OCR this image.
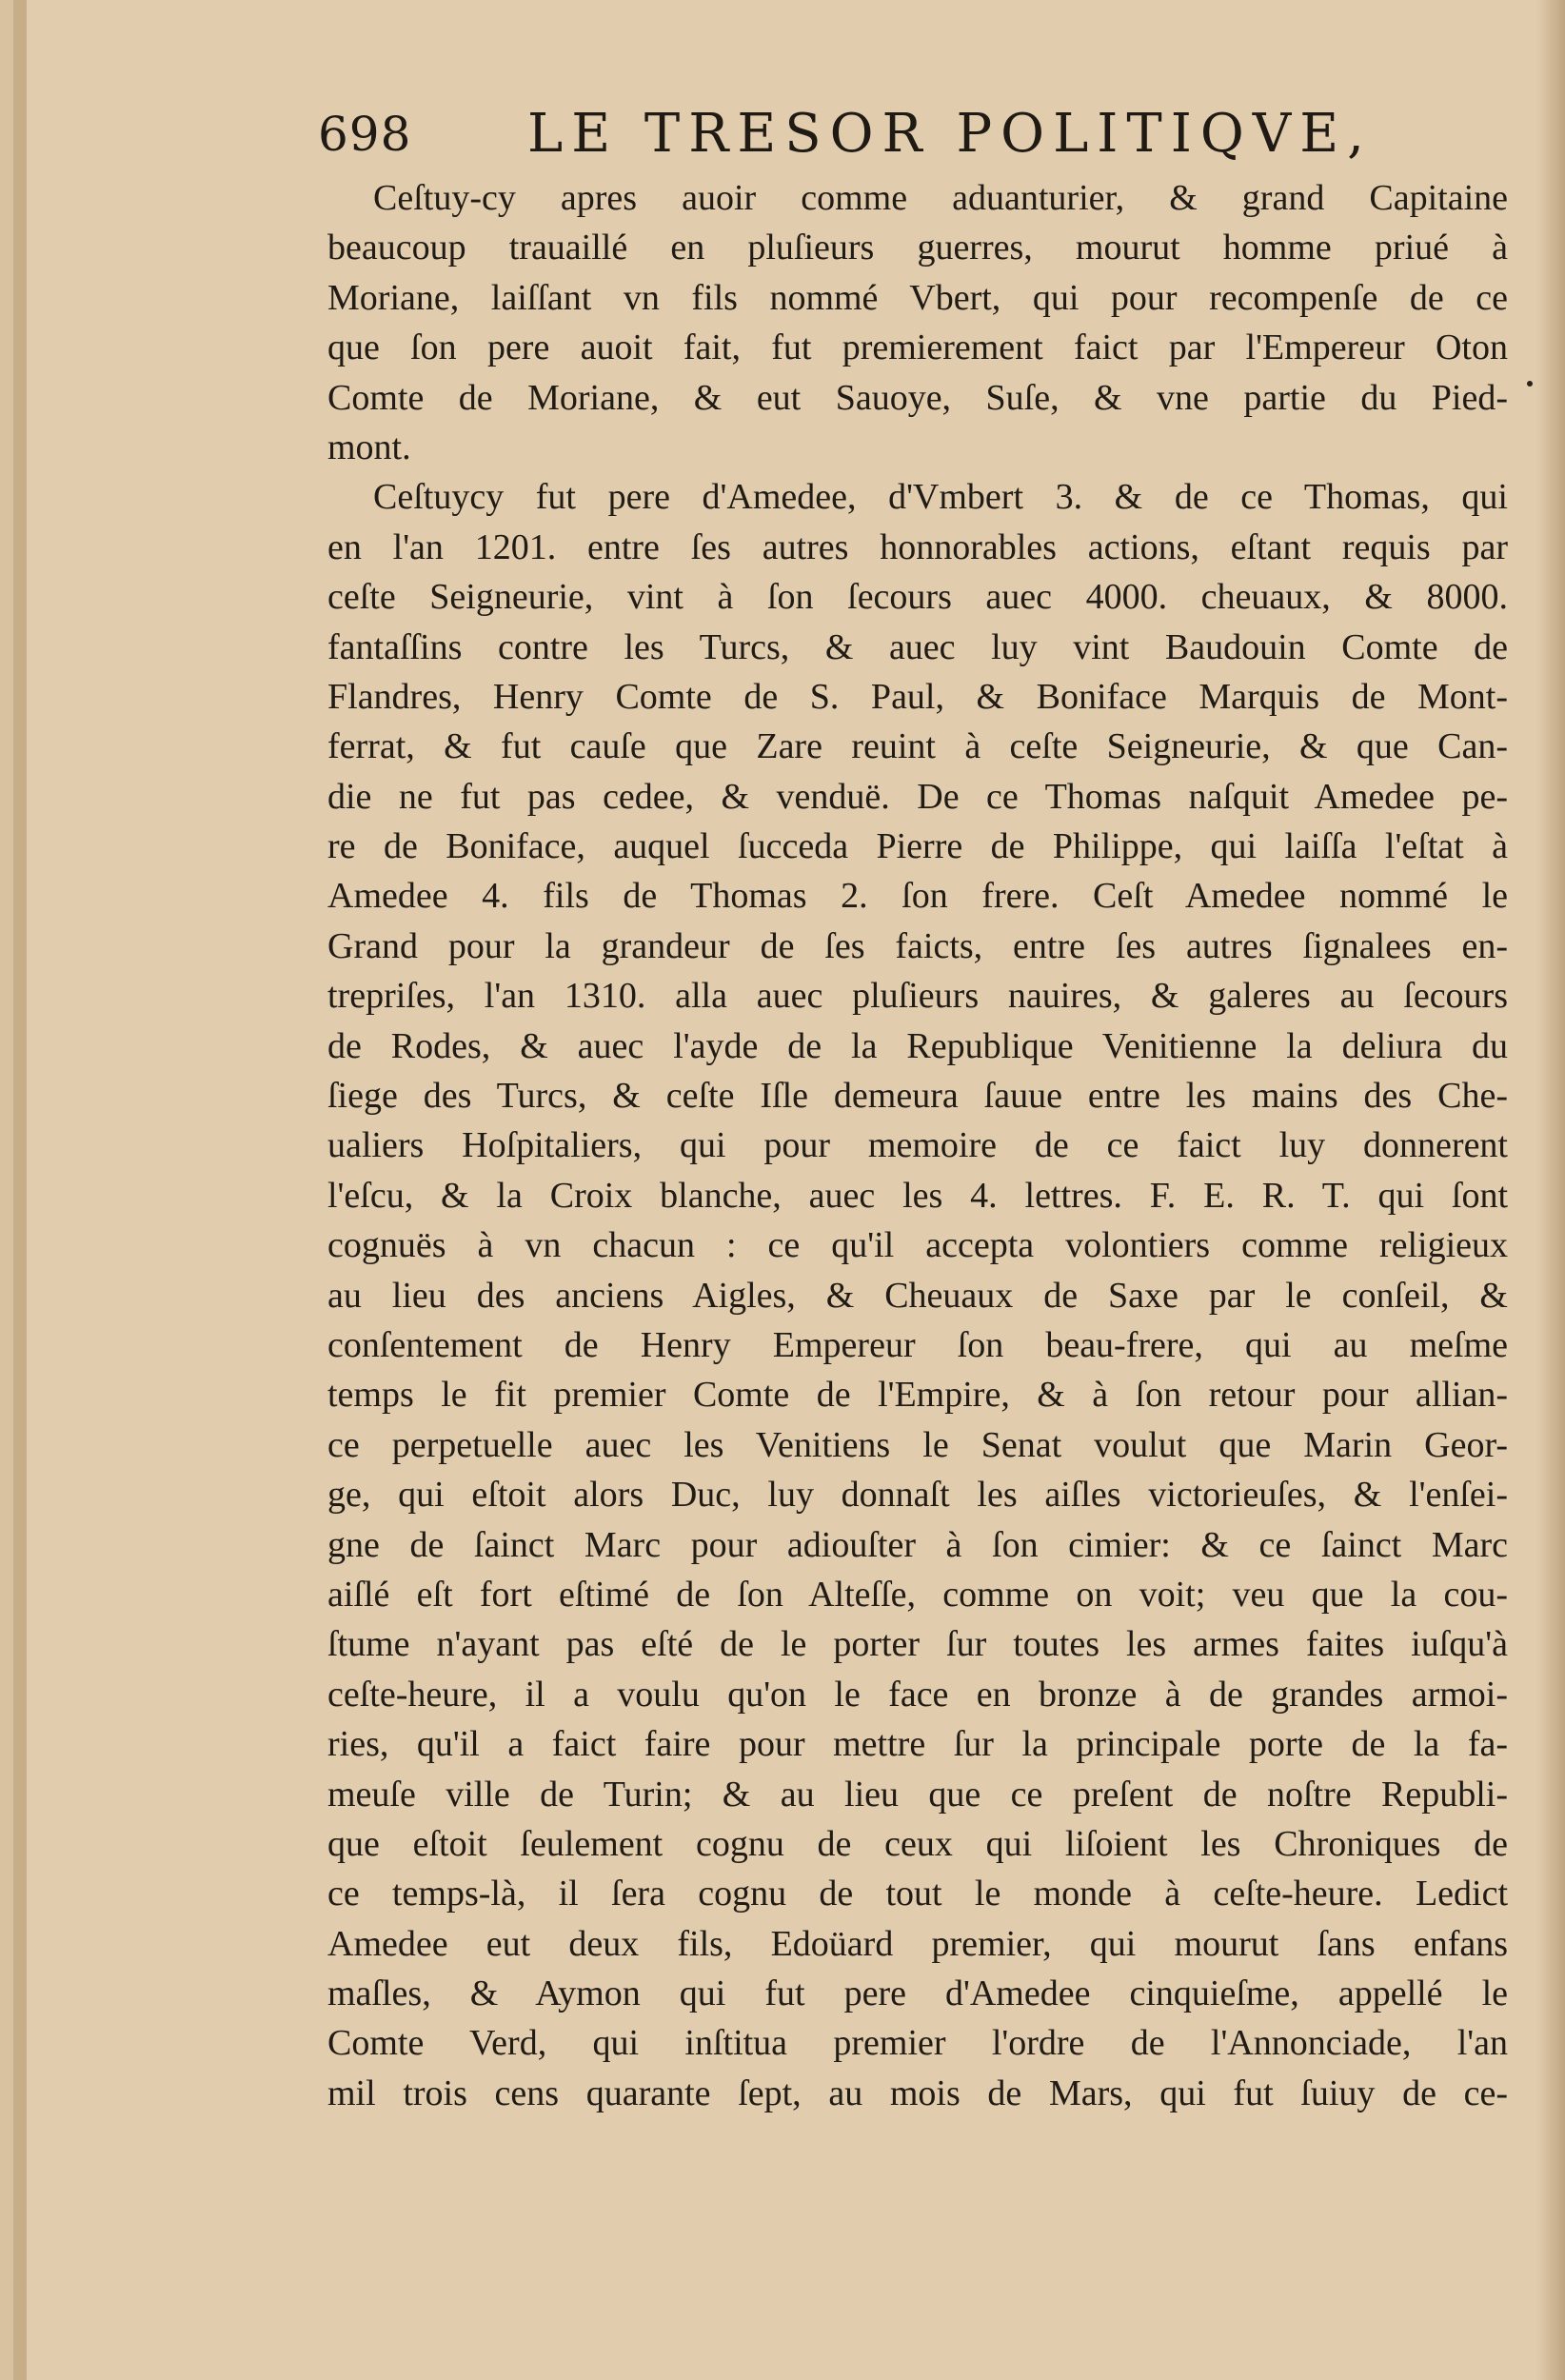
698 LE TRESOR POLITIQVE,
Ceſtuy-cy apres auoir comme aduanturier, & grand Capitaine
beaucoup trauaillé en pluſieurs guerres, mourut homme priué à
Moriane, laiſſant vn fils nommé Vbert, qui pour recompenſe de ce
que ſon pere auoit fait, fut premierement faict par l'Empereur Oton
Comte de Moriane, & eut Sauoye, Suſe, & vne partie du Pied-
mont.
Ceſtuycy fut pere d'Amedee, d'Vmbert 3. & de ce Thomas, qui
en l'an 1201. entre ſes autres honnorables actions, eſtant requis par
ceſte Seigneurie, vint à ſon ſecours auec 4000. cheuaux, & 8000.
fantaſſins contre les Turcs, & auec luy vint Baudouin Comte de
Flandres, Henry Comte de S. Paul, & Boniface Marquis de Mont-
ferrat, & fut cauſe que Zare reuint à ceſte Seigneurie, & que Can-
die ne fut pas cedee, & venduë. De ce Thomas naſquit Amedee pe-
re de Boniface, auquel ſucceda Pierre de Philippe, qui laiſſa l'eſtat à
Amedee 4. fils de Thomas 2. ſon frere. Ceſt Amedee nommé le
Grand pour la grandeur de ſes faicts, entre ſes autres ſignalees en-
trepriſes, l'an 1310. alla auec pluſieurs nauires, & galeres au ſecours
de Rodes, & auec l'ayde de la Republique Venitienne la deliura du
ſiege des Turcs, & ceſte Iſle demeura ſauue entre les mains des Che-
ualiers Hoſpitaliers, qui pour memoire de ce faict luy donnerent
l'eſcu, & la Croix blanche, auec les 4. lettres. F. E. R. T. qui ſont
cognuës à vn chacun : ce qu'il accepta volontiers comme religieux
au lieu des anciens Aigles, & Cheuaux de Saxe par le conſeil, &
conſentement de Henry Empereur ſon beau-frere, qui au meſme
temps le fit premier Comte de l'Empire, & à ſon retour pour allian-
ce perpetuelle auec les Venitiens le Senat voulut que Marin Geor-
ge, qui eſtoit alors Duc, luy donnaſt les aiſles victorieuſes, & l'enſei-
gne de ſainct Marc pour adiouſter à ſon cimier: & ce ſainct Marc
aiſlé eſt fort eſtimé de ſon Alteſſe, comme on voit; veu que la cou-
ſtume n'ayant pas eſté de le porter ſur toutes les armes faites iuſqu'à
ceſte-heure, il a voulu qu'on le face en bronze à de grandes armoi-
ries, qu'il a faict faire pour mettre ſur la principale porte de la fa-
meuſe ville de Turin; & au lieu que ce preſent de noſtre Republi-
que eſtoit ſeulement cognu de ceux qui liſoient les Chroniques de
ce temps-là, il ſera cognu de tout le monde à ceſte-heure. Ledict
Amedee eut deux fils, Edoüard premier, qui mourut ſans enfans
maſles, & Aymon qui fut pere d'Amedee cinquieſme, appellé le
Comte Verd, qui inſtitua premier l'ordre de l'Annonciade, l'an
mil trois cens quarante ſept, au mois de Mars, qui fut ſuiuy de ce-
